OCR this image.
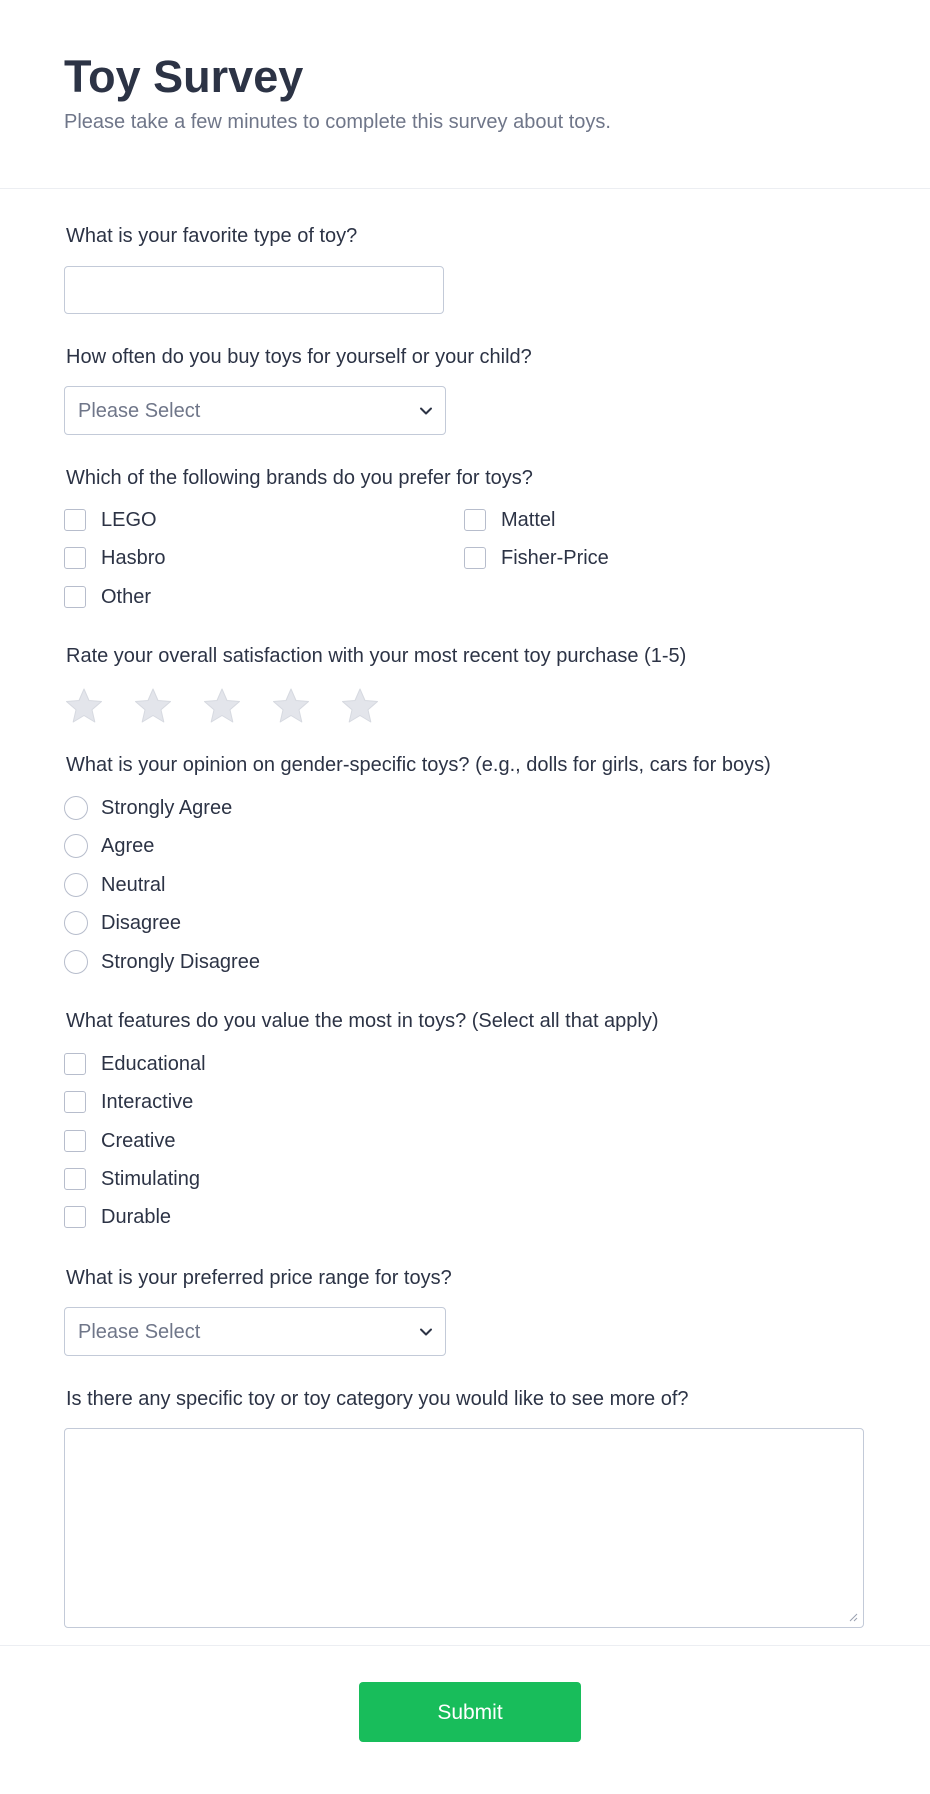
Toy Survey
Please take a few minutes to complete this survey about toys.
What is your favorite type of toy?
How often do you buy toys for yourself or your child?
Please Select
Which of the following brands do you prefer for toys?
LEGO	Mattel
Hasbro	Fisher-Price
Other
Rate your overall satisfaction with your most recent toy purchase (1-5)
What is your opinion on gender-specific toys? (e.g., dolls for girls, cars for boys)
Strongly Agree
Agree
Neutral
Disagree
Strongly Disagree
What features do you value the most in toys? (Select all that apply)
Educational
Interactive
Creative
Stimulating
Durable
What is your preferred price range for toys?
Please Select
Is there any specific toy or toy category you would like to see more of?
Submit
